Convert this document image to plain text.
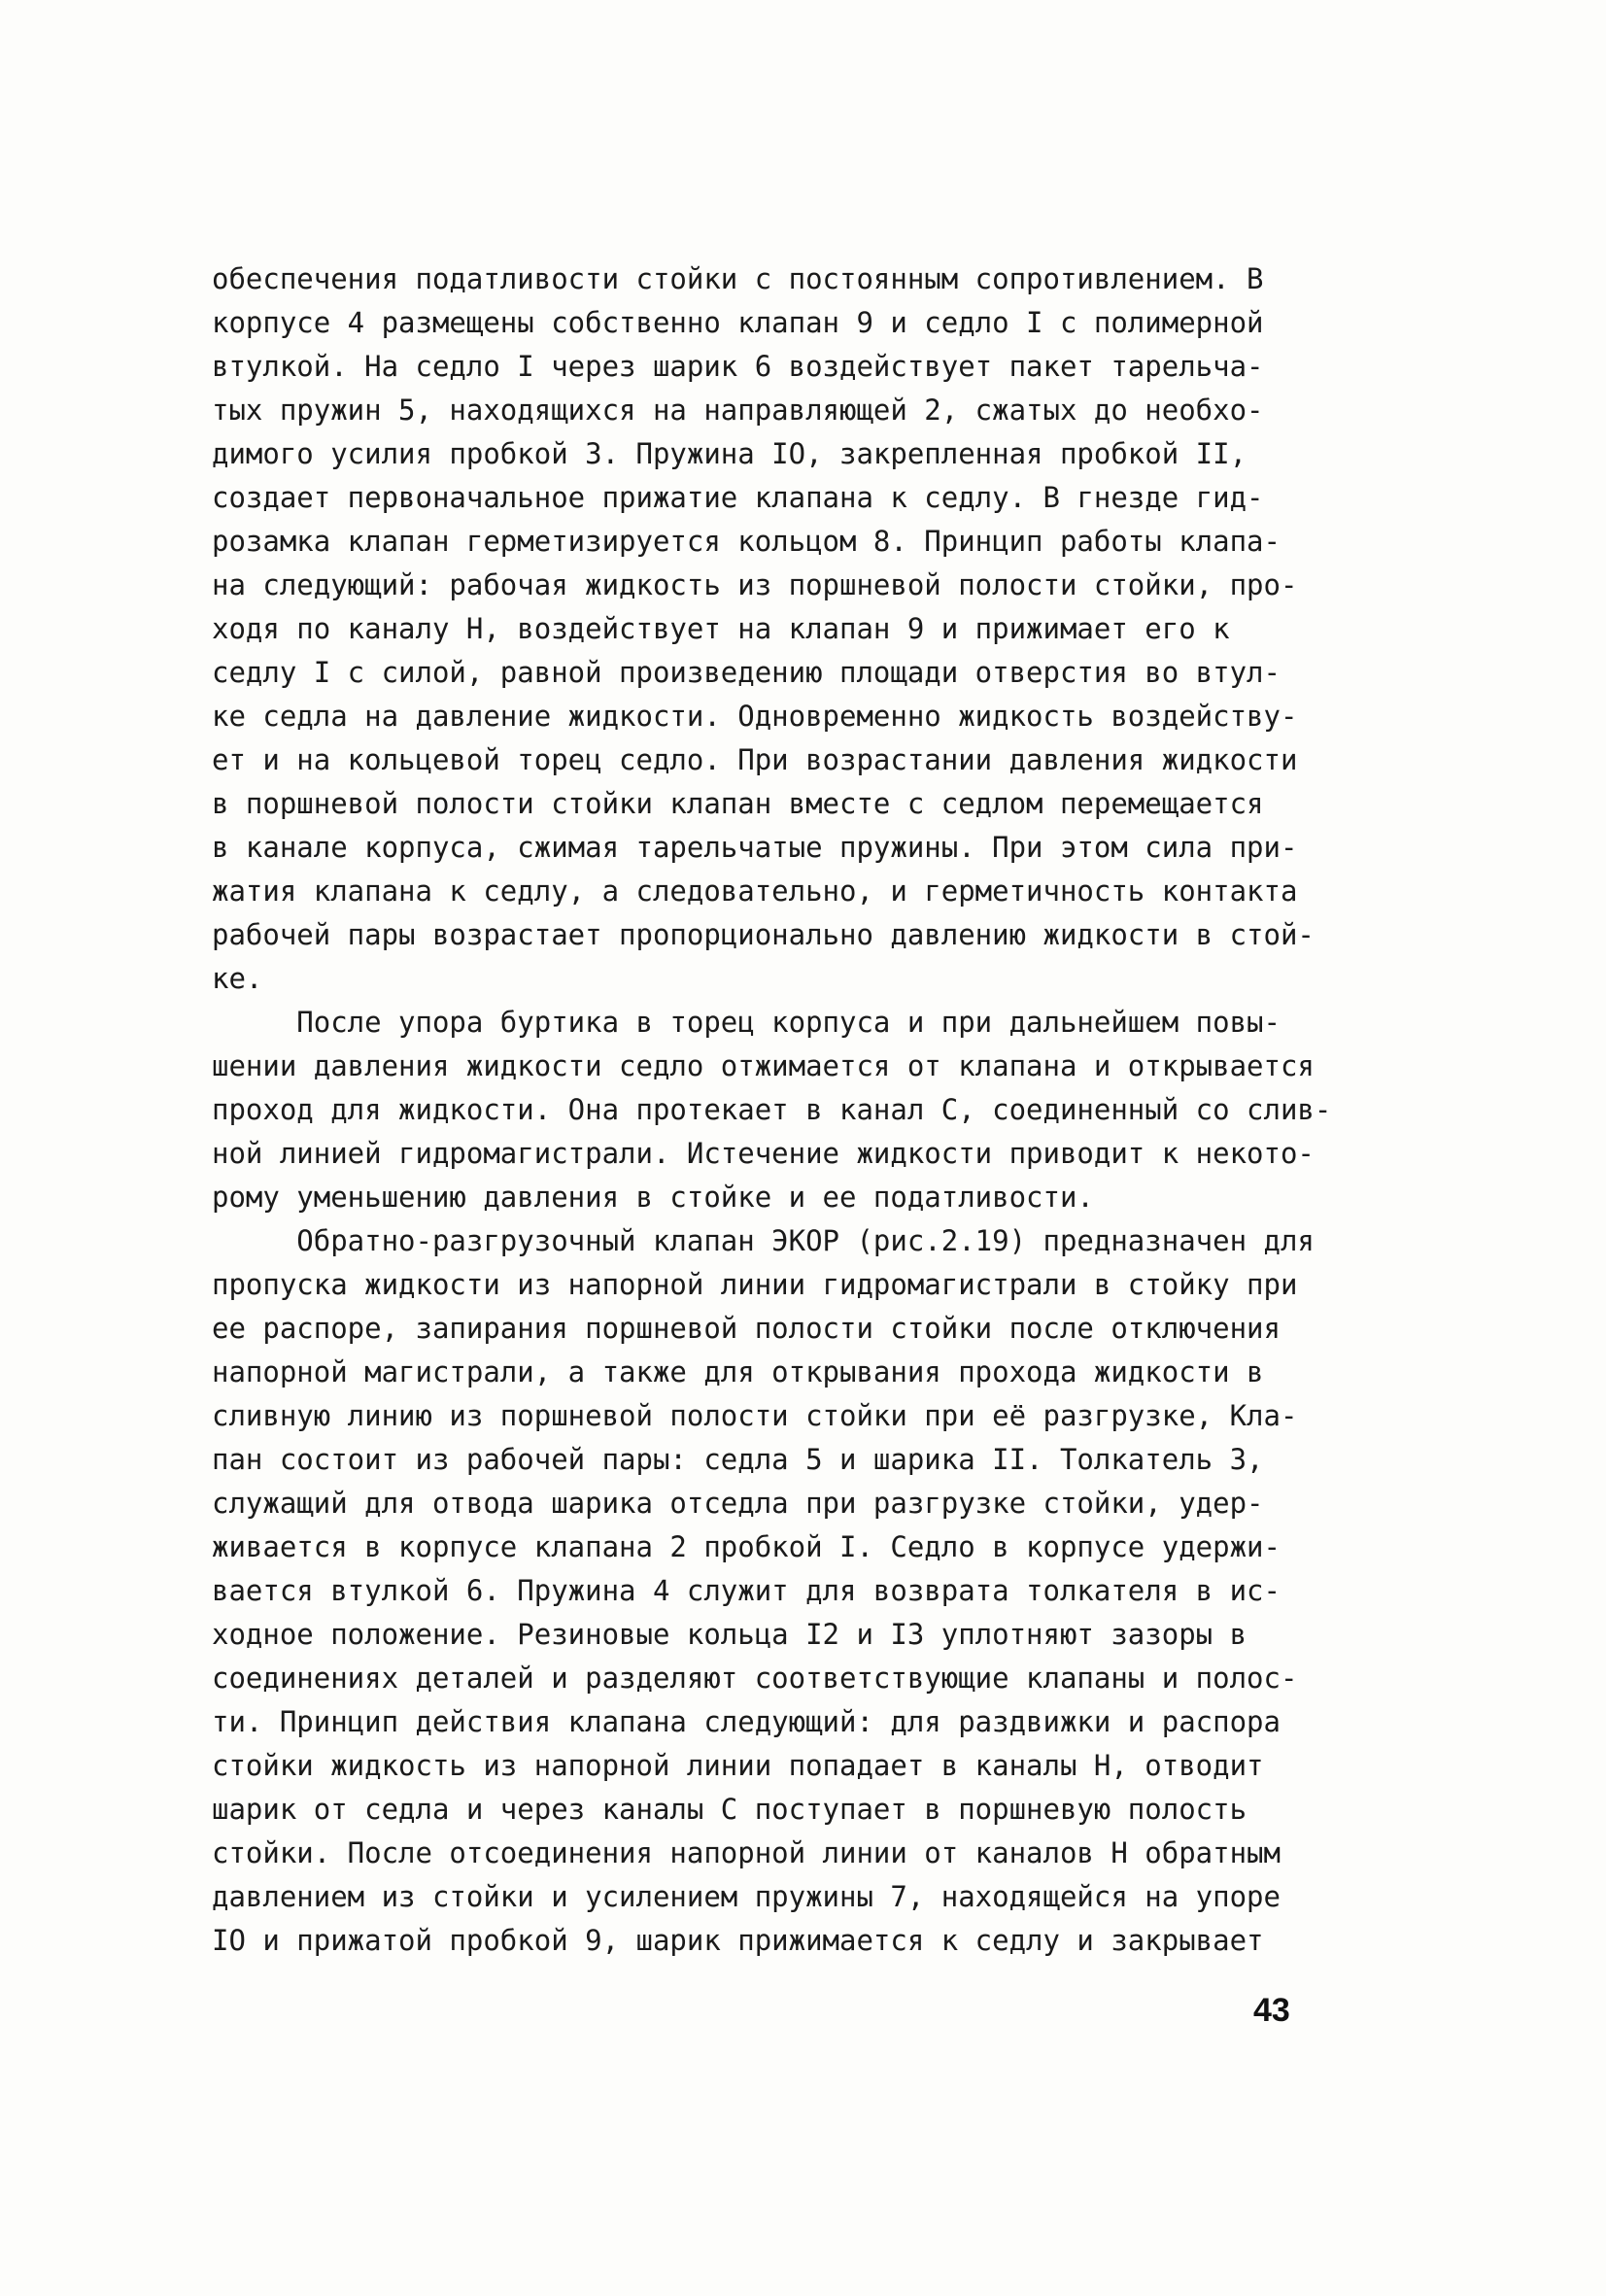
обеспечения податливости стойки с постоянным сопротивлением. В
корпусе 4 размещены собственно клапан 9 и седло I с полимерной
втулкой. На седло I через шарик 6 воздействует пакет тарельча-
тых пружин 5, находящихся на направляющей 2, сжатых до необхо-
димого усилия пробкой 3. Пружина IO, закрепленная пробкой II,
создает первоначальное прижатие клапана к седлу. В гнезде гид-
розамка клапан герметизируется кольцом 8. Принцип работы клапа-
на следующий: рабочая жидкость из поршневой полости стойки, про-
ходя по каналу Н, воздействует на клапан 9 и прижимает его к
седлу I с силой, равной произведению площади отверстия во втул-
ке седла на давление жидкости. Одновременно жидкость воздейству-
ет и на кольцевой торец седло. При возрастании давления жидкости
в поршневой полости стойки клапан вместе с седлом перемещается
в канале корпуса, сжимая тарельчатые пружины. При этом сила при-
жатия клапана к седлу, а следовательно, и герметичность контакта
рабочей пары возрастает пропорционально давлению жидкости в стой-
ке.
После упора буртика в торец корпуса и при дальнейшем повы-
шении давления жидкости седло отжимается от клапана и открывается
проход для жидкости. Она протекает в канал С, соединенный со слив-
ной линией гидромагистрали. Истечение жидкости приводит к некото-
рому уменьшению давления в стойке и ее податливости.
Обратно-разгрузочный клапан ЭКОР (рис.2.19) предназначен для
пропуска жидкости из напорной линии гидромагистрали в стойку при
ее распоре, запирания поршневой полости стойки после отключения
напорной магистрали, а также для открывания прохода жидкости в
сливную линию из поршневой полости стойки при её разгрузке, Кла-
пан состоит из рабочей пары: седла 5 и шарика II. Толкатель 3,
служащий для отвода шарика отседла при разгрузке стойки, удер-
живается в корпусе клапана 2 пробкой I. Седло в корпусе удержи-
вается втулкой 6. Пружина 4 служит для возврата толкателя в ис-
ходное положение. Резиновые кольца I2 и I3 уплотняют зазоры в
соединениях деталей и разделяют соответствующие клапаны и полос-
ти. Принцип действия клапана следующий: для раздвижки и распора
стойки жидкость из напорной линии попадает в каналы Н, отводит
шарик от седла и через каналы С поступает в поршневую полость
стойки. После отсоединения напорной линии от каналов Н обратным
давлением из стойки и усилением пружины 7, находящейся на упоре
IO и прижатой пробкой 9, шарик прижимается к седлу и закрывает
43
